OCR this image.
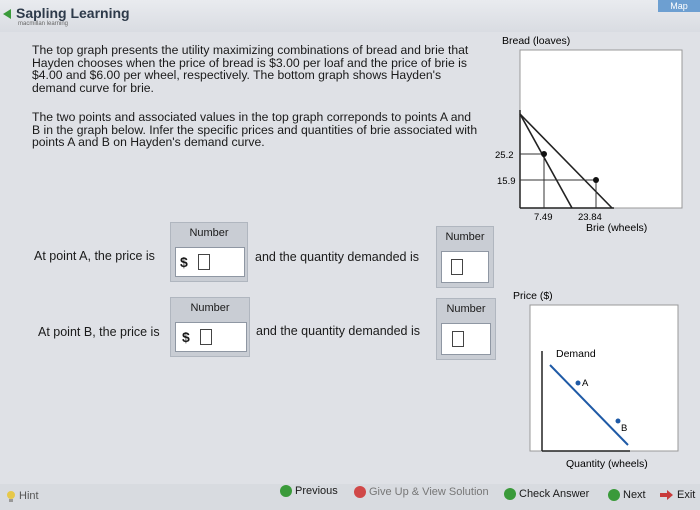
Sapling Learning
macmillan learning
Map
The top graph presents the utility maximizing combinations of bread and brie that Hayden chooses when the price of bread is $3.00 per loaf and the price of brie is $4.00 and $6.00 per wheel, respectively. The bottom graph shows Hayden's demand curve for brie.
The two points and associated values in the top graph correponds to points A and B in the graph below. Infer the specific prices and quantities of brie associated with points A and B on Hayden's demand curve.
At point A, the price is
Number
$	and the quantity demanded is
Number
At point B, the price is
Number
$	and the quantity demanded is
Number
Bread (loaves)
25.2
15.9
7.49	23.84
Brie (wheels)
Price ($)
Demand
A
B
Quantity (wheels)
Hint	Previous	Give Up & View Solution	Check Answer	Next	Exit
